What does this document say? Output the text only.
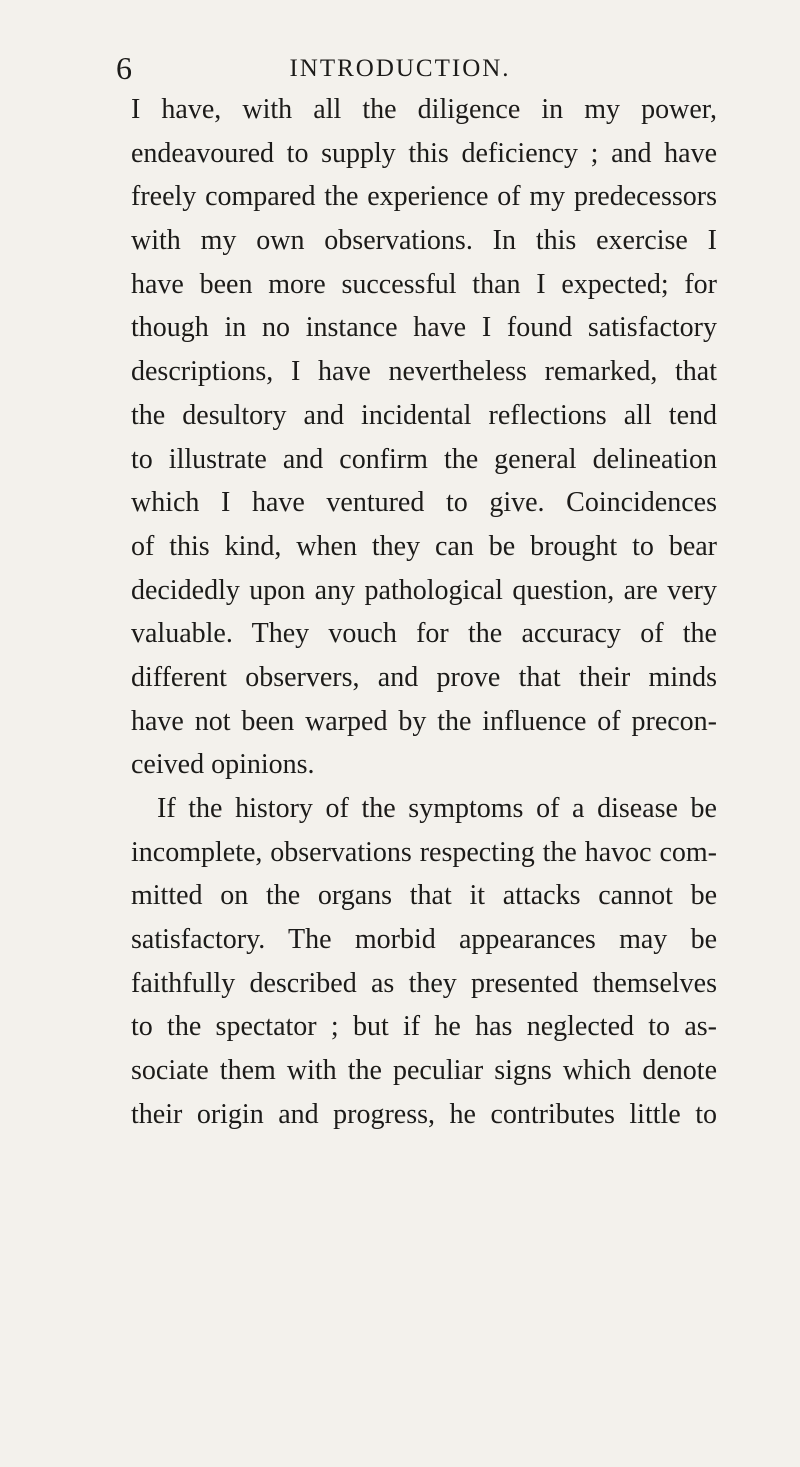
6	INTRODUCTION.
I have, with all the diligence in my power,
endeavoured to supply this deficiency ; and have
freely compared the experience of my predecessors
with my own observations. In this exercise I
have been more successful than I expected; for
though in no instance have I found satisfactory
descriptions, I have nevertheless remarked, that
the desultory and incidental reflections all tend
to illustrate and confirm the general delineation
which I have ventured to give. Coincidences
of this kind, when they can be brought to bear
decidedly upon any pathological question, are very
valuable. They vouch for the accuracy of the
different observers, and prove that their minds
have not been warped by the influence of precon-
ceived opinions.
If the history of the symptoms of a disease be
incomplete, observations respecting the havoc com-
mitted on the organs that it attacks cannot be
satisfactory. The morbid appearances may be
faithfully described as they presented themselves
to the spectator ; but if he has neglected to as-
sociate them with the peculiar signs which denote
their origin and progress, he contributes little to
